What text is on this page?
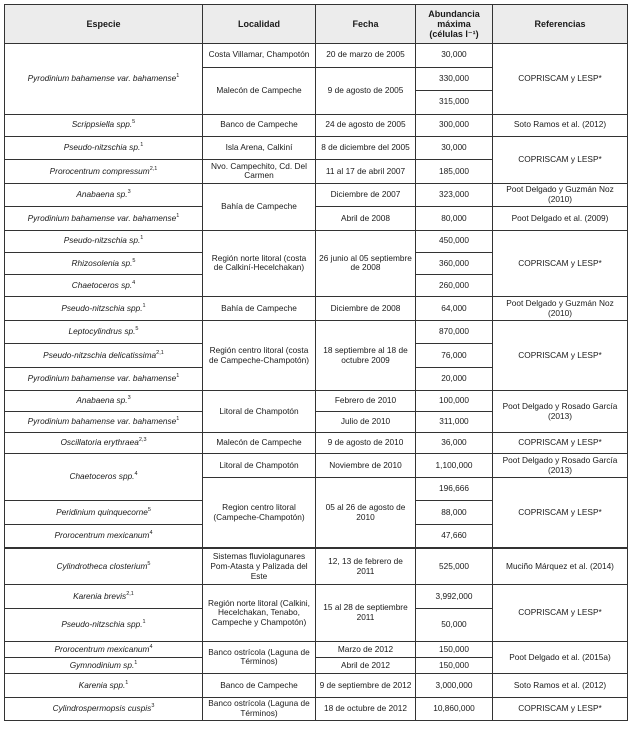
Especie	Localidad	Fecha	Abundancia
máxima
(células l⁻¹)	Referencias
Pyrodinium bahamense var. bahamense$^1$	Costa Villamar, Champotón	20 de marzo de 2005	30,000	COPRISCAM y LESP*
	Malecón de Campeche	9 de agosto de 2005	330,000	
			315,000	
Scrippsiella spp.$^5$	Banco de Campeche	24 de agosto de 2005	300,000	Soto Ramos et al. (2012)
Pseudo-nitzschia sp.$^1$	Isla Arena, Calkiní	8 de diciembre del 2005	30,000	COPRISCAM y LESP*
Prorocentrum compressum$^{2,1}$	Nvo. Campechito, Cd. Del Carmen	11 al 17 de abril 2007	185,000	
Anabaena sp.$^3$	Bahía de Campeche	Diciembre de 2007	323,000	Poot Delgado y Guzmán Noz (2010)
Pyrodinium bahamense var. bahamense$^1$		Abril de 2008	80,000	Poot Delgado et al. (2009)
Pseudo-nitzschia sp.$^1$	Región norte litoral (costa de Calkiní-Hecelchakan)	26 junio al 05 septiembre de 2008	450,000	COPRISCAM y LESP*
Rhizosolenia sp.$^5$			360,000	
Chaetoceros sp.$^4$			260,000	
Pseudo-nitzschia spp.$^1$	Bahía de Campeche	Diciembre de 2008	64,000	Poot Delgado y Guzmán Noz (2010)
Leptocylindrus sp.$^5$	Región centro litoral (costa de Campeche-Champotón)	18 septiembre al 18 de octubre 2009	870,000	COPRISCAM y LESP*
Pseudo-nitzschia delicatissima$^{2,1}$			76,000	
Pyrodinium bahamense var. bahamense$^1$			20,000	
Anabaena sp.$^3$	Litoral de Champotón	Febrero de 2010	100,000	Poot Delgado y Rosado García (2013)
Pyrodinium bahamense var. bahamense$^1$		Julio de 2010	311,000	
Oscillatoria erythraea$^{2,3}$	Malecón de Campeche	9 de agosto de 2010	36,000	COPRISCAM y LESP*
Chaetoceros spp.$^4$	Litoral de Champotón	Noviembre de 2010	1,100,000	Poot Delgado y Rosado García (2013)
	Region centro litoral (Campeche-Champotón)	05 al 26 de agosto de 2010	196,666	COPRISCAM y LESP*
Peridinium quinquecorne$^5$			88,000	
Prorocentrum mexicanum$^4$			47,660	
Cylindrotheca closterium$^5$	Sistemas fluviolagunares Pom-Atasta y Palizada del Este	12, 13 de febrero de 2011	525,000	Muciño Márquez et al. (2014)
Karenia brevis$^{2,1}$	Región norte litoral (Calkini, Hecelchakan, Tenabo, Campeche y Champotón)	15 al 28 de septiembre 2011	3,992,000	COPRISCAM y LESP*
Pseudo-nitzschia spp.$^1$			50,000	
Prorocentrum mexicanum$^4$	Banco ostrícola (Laguna de Términos)	Marzo de 2012	150,000	Poot Delgado et al. (2015a)
Gymnodinium sp.$^1$		Abril de 2012	150,000	
Karenia spp.$^1$	Banco de Campeche	9 de septiembre de 2012	3,000,000	Soto Ramos et al. (2012)
Cylindrospermopsis cuspis$^3$	Banco ostrícola (Laguna de Términos)	18 de octubre de 2012	10,860,000	COPRISCAM y LESP*
